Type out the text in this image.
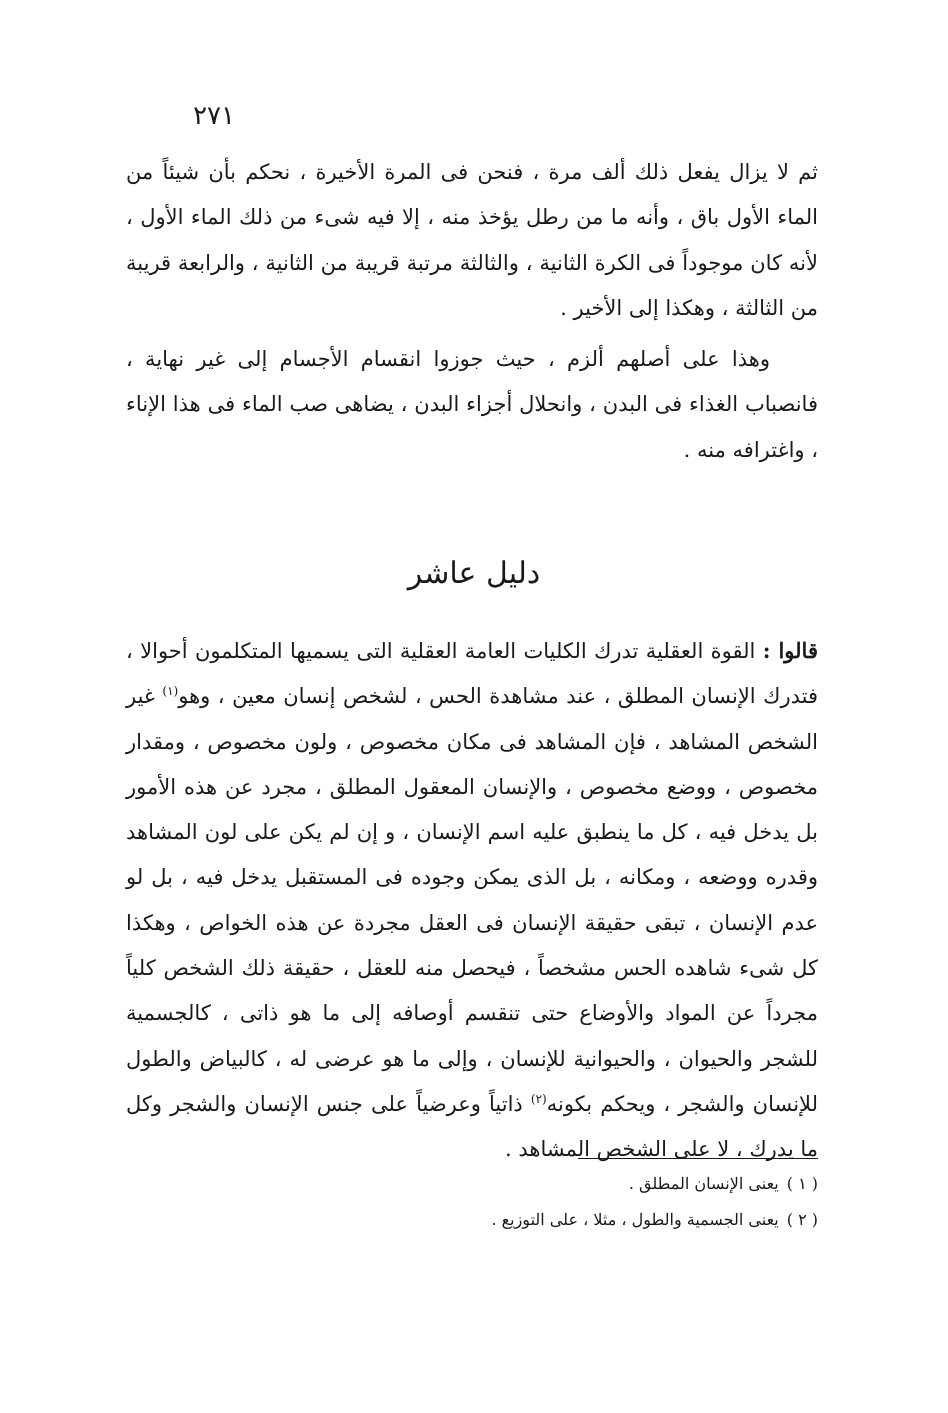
٢٧١

ثم لا يزال يفعل ذلك ألف مرة ، فنحن فى المرة الأخيرة ، نحكم بأن شيئاً من الماء الأول باق ، وأنه ما من رطل يؤخذ منه ، إلا فيه شىء من ذلك الماء الأول ، لأنه كان موجوداً فى الكرة الثانية ، والثالثة مرتبة قريبة من الثانية ، والرابعة قريبة من الثالثة ، وهكذا إلى الأخير .

وهذا على أصلهم ألزم ، حيث جوزوا انقسام الأجسام إلى غير نهاية ، فانصباب الغذاء فى البدن ، وانحلال أجزاء البدن ، يضاهى صب الماء فى هذا الإناء ، واغترافه منه .

دليل عاشر

قالوا : القوة العقلية تدرك الكليات العامة العقلية التى يسميها المتكلمون أحوالا ، فتدرك الإنسان المطلق ، عند مشاهدة الحس ، لشخص إنسان معين ، وهو$^{(١)}$ غير الشخص المشاهد ، فإن المشاهد فى مكان مخصوص ، ولون مخصوص ، ومقدار مخصوص ، ووضع مخصوص ، والإنسان المعقول المطلق ، مجرد عن هذه الأمور بل يدخل فيه ، كل ما ينطبق عليه اسم الإنسان ، و إن لم يكن على لون المشاهد وقدره ووضعه ، ومكانه ، بل الذى يمكن وجوده فى المستقبل يدخل فيه ، بل لو عدم الإنسان ، تبقى حقيقة الإنسان فى العقل مجردة عن هذه الخواص ، وهكذا كل شىء شاهده الحس مشخصاً ، فيحصل منه للعقل ، حقيقة ذلك الشخص كلياً مجرداً عن المواد والأوضاع حتى تنقسم أوصافه إلى ما هو ذاتى ، كالجسمية للشجر والحيوان ، والحيوانية للإنسان ، وإلى ما هو عرضى له ، كالبياض والطول للإنسان والشجر ، ويحكم بكونه$^{(٢)}$ ذاتياً وعرضياً على جنس الإنسان والشجر وكل ما يدرك ، لا على الشخص المشاهد .

( ١ )يعنى الإنسان المطلق .

( ٢ )يعنى الجسمية والطول ، مثلا ، على التوزيع .
